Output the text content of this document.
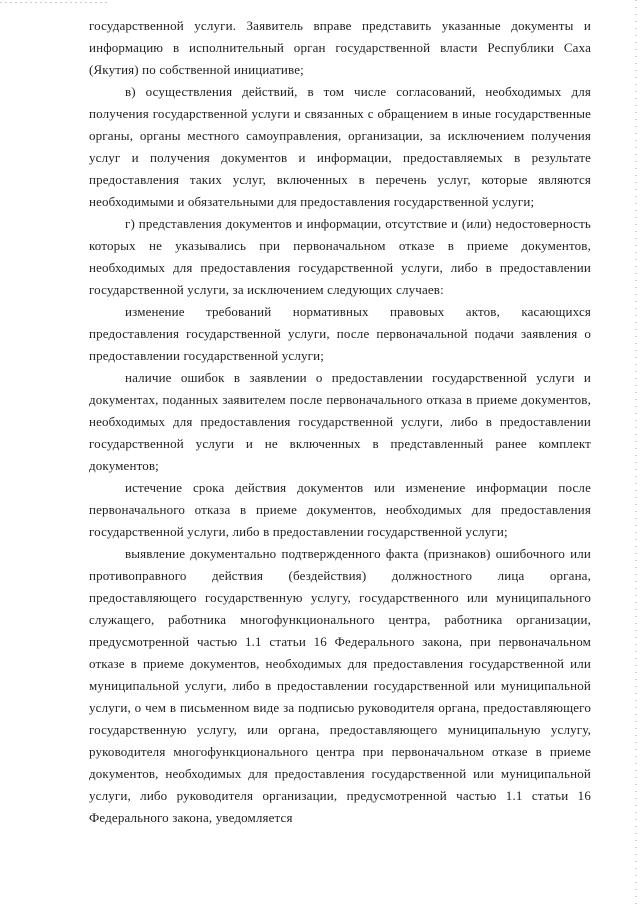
государственной услуги. Заявитель вправе представить указанные документы и информацию в исполнительный орган государственной власти Республики Саха (Якутия) по собственной инициативе;

в) осуществления действий, в том числе согласований, необходимых для получения государственной услуги и связанных с обращением в иные государственные органы, органы местного самоуправления, организации, за исключением получения услуг и получения документов и информации, предоставляемых в результате предоставления таких услуг, включенных в перечень услуг, которые являются необходимыми и обязательными для предоставления государственной услуги;

г) представления документов и информации, отсутствие и (или) недостоверность которых не указывались при первоначальном отказе в приеме документов, необходимых для предоставления государственной услуги, либо в предоставлении государственной услуги, за исключением следующих случаев:

изменение требований нормативных правовых актов, касающихся предоставления государственной услуги, после первоначальной подачи заявления о предоставлении государственной услуги;

наличие ошибок в заявлении о предоставлении государственной услуги и документах, поданных заявителем после первоначального отказа в приеме документов, необходимых для предоставления государственной услуги, либо в предоставлении государственной услуги и не включенных в представленный ранее комплект документов;

истечение срока действия документов или изменение информации после первоначального отказа в приеме документов, необходимых для предоставления государственной услуги, либо в предоставлении государственной услуги;

выявление документально подтвержденного факта (признаков) ошибочного или противоправного действия (бездействия) должностного лица органа, предоставляющего государственную услугу, государственного или муниципального служащего, работника многофункционального центра, работника организации, предусмотренной частью 1.1 статьи 16 Федерального закона, при первоначальном отказе в приеме документов, необходимых для предоставления государственной или муниципальной услуги, либо в предоставлении государственной или муниципальной услуги, о чем в письменном виде за подписью руководителя органа, предоставляющего государственную услугу, или органа, предоставляющего муниципальную услугу, руководителя многофункционального центра при первоначальном отказе в приеме документов, необходимых для предоставления государственной или муниципальной услуги, либо руководителя организации, предусмотренной частью 1.1 статьи 16 Федерального закона, уведомляется
